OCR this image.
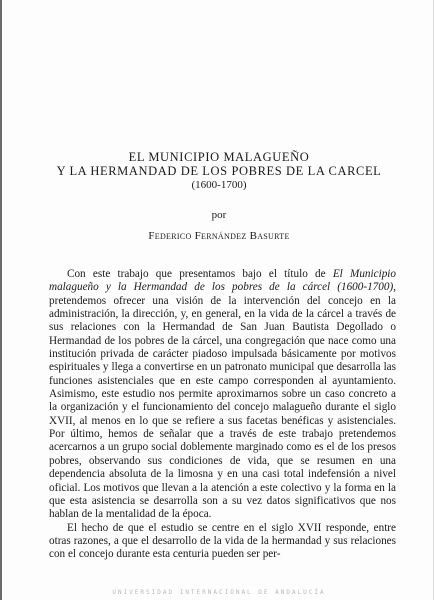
EL MUNICIPIO MALAGUEÑO

Y LA HERMANDAD DE LOS POBRES DE LA CARCEL

(1600-1700)
por
Federico Fernández Basurte

Con este trabajo que presentamos bajo el título de El Municipio malagueño y la Hermandad de los pobres de la cárcel (1600-1700), pretendemos ofrecer una visión de la intervención del concejo en la administración, la dirección, y, en general, en la vida de la cárcel a través de sus relaciones con la Hermandad de San Juan Bautista Degollado o Hermandad de los pobres de la cárcel, una congregación que nace como una institución privada de carácter piadoso impulsada básicamente por motivos espirituales y llega a convertirse en un patronato municipal que desarrolla las funciones asistenciales que en este campo corresponden al ayuntamiento. Asimismo, este estudio nos permite aproximarnos sobre un caso concreto a la organización y el funcionamiento del concejo malagueño durante el siglo XVII, al menos en lo que se refiere a sus facetas benéficas y asistenciales. Por último, hemos de señalar que a través de este trabajo pretendemos acercarnos a un grupo social doblemente marginado como es el de los presos pobres, observando sus condiciones de vida, que se resumen en una dependencia absoluta de la limosna y en una casi total indefensión a nivel oficial. Los motivos que llevan a la atención a este colectivo y la forma en la que esta asistencia se desarrolla son a su vez datos significativos que nos hablan de la mentalidad de la época.

El hecho de que el estudio se centre en el siglo XVII responde, entre otras razones, a que el desarrollo de la vida de la hermandad y sus relaciones con el concejo durante esta centuria pueden ser per-

UNIVERSIDAD INTERNACIONAL DE ANDALUCÍA
